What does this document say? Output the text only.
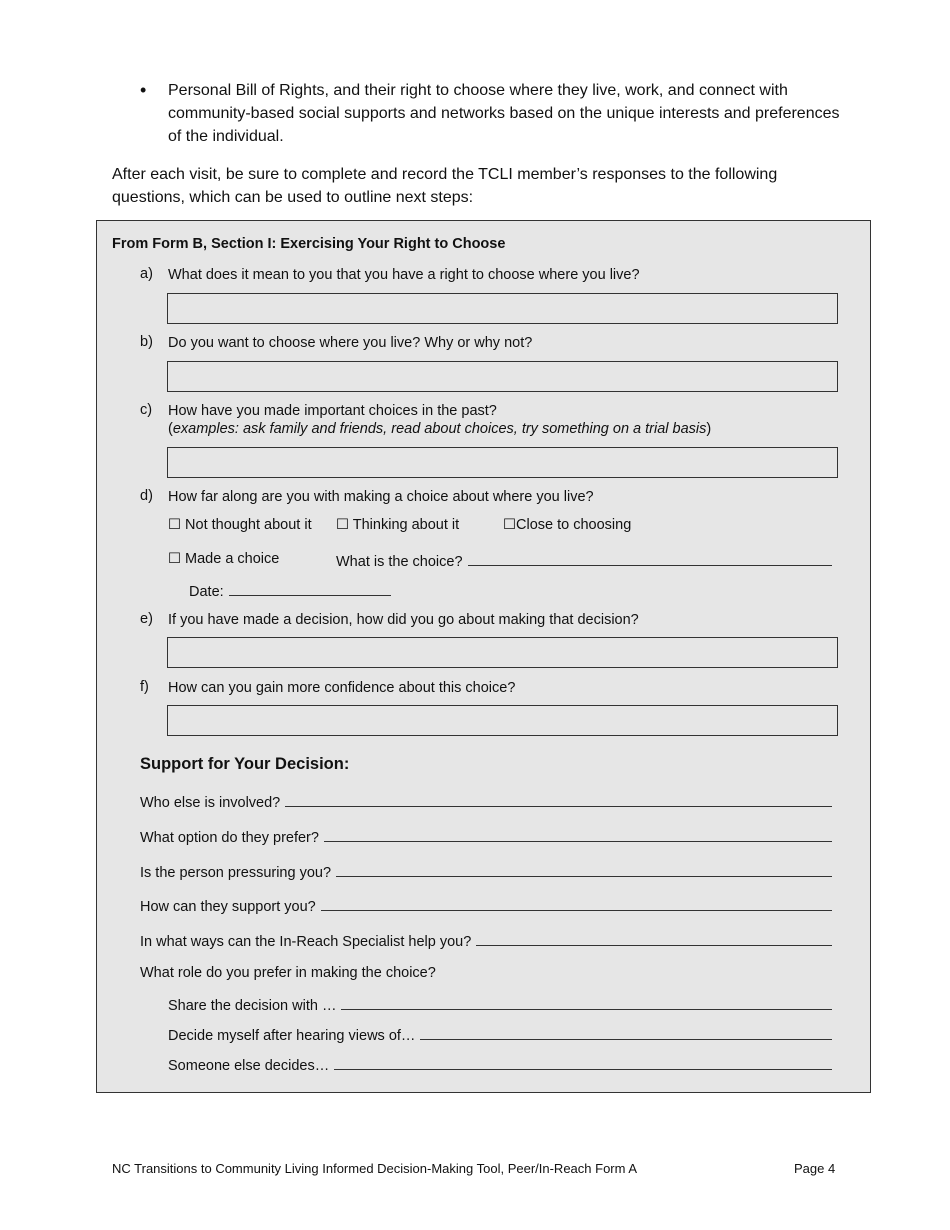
• Personal Bill of Rights, and their right to choose where they live, work, and connect with community-based social supports and networks based on the unique interests and preferences of the individual.
After each visit, be sure to complete and record the TCLI member’s responses to the following questions, which can be used to outline next steps:
From Form B, Section I: Exercising Your Right to Choose
a) What does it mean to you that you have a right to choose where you live?
b) Do you want to choose where you live? Why or why not?
c) How have you made important choices in the past?
(examples: ask family and friends, read about choices, try something on a trial basis)
d) How far along are you with making a choice about where you live?
☐ Not thought about it ☐ Thinking about it	☐Close to choosing
☐ Made a choice	What is the choice?
Date:
e) If you have made a decision, how did you go about making that decision?
f) How can you gain more confidence about this choice?
Support for Your Decision:
Who else is involved?
What option do they prefer?
Is the person pressuring you?
How can they support you?
In what ways can the In-Reach Specialist help you?
What role do you prefer in making the choice?
Share the decision with …
Decide myself after hearing views of…
Someone else decides…
NC Transitions to Community Living Informed Decision-Making Tool, Peer/In-Reach Form A	Page 4
